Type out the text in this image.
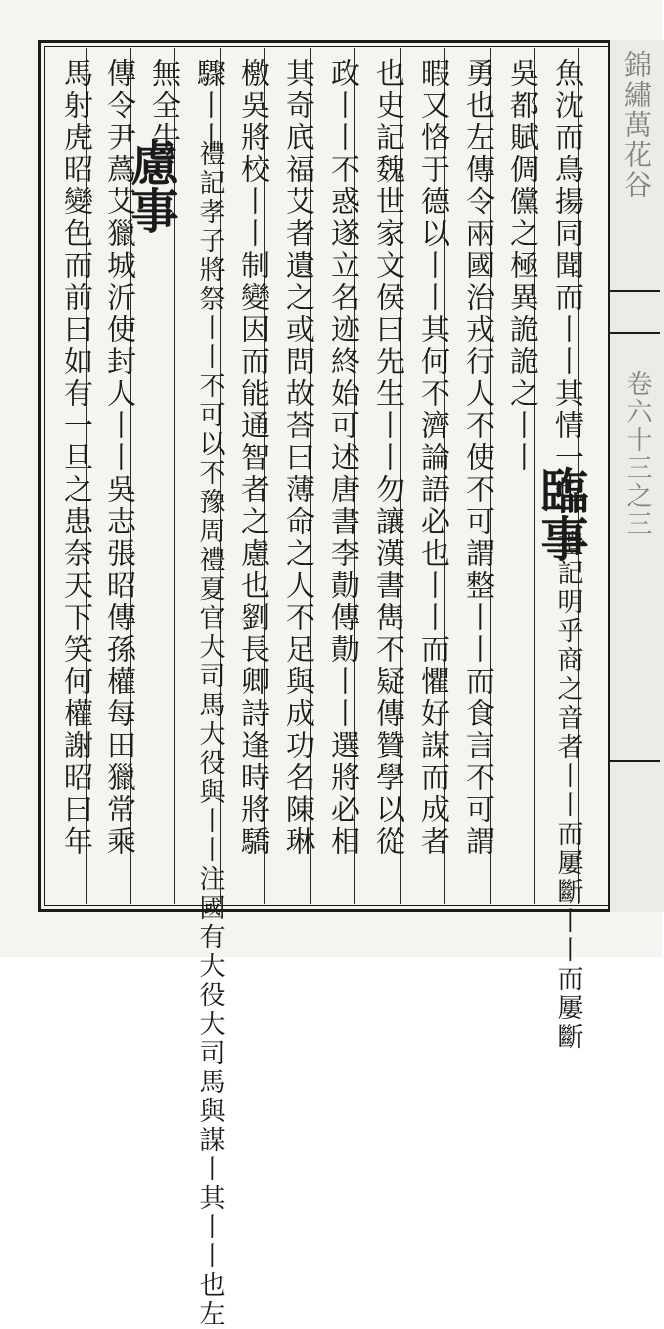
錦繡萬花谷
卷六十三之三
魚沈而鳥揚同聞而丨丨其情一也
禮記明乎商之音者丨丨而屢斷丨丨而屢斷
臨事
吳都賦倜儻之極異詭詭之丨丨
勇也左傳令兩國治戎行人不使不可謂整丨丨而食言不可謂
暇又恪于德以丨丨其何不濟論語必也丨丨而懼好謀而成者
也史記魏世家文侯曰先生丨丨勿讓漢書雋不疑傳贊學以從
政丨丨不惑遂立名迹終始可述唐書李勣傳勣丨丨選將必相
其奇㡳福艾者遺之或問故荅曰薄命之人不足與成功名陳琳
檄吳將校丨丨制變因而能通智者之慮也劉長卿詩逢時將驕
驟丨丨
禮記孝子將祭丨丨不可以不豫周禮夏官大司馬大役與丨丨注國有大役大司馬與謀丨其丨丨也左
無全牛
慮事
傳令尹蔿艾獵城沂使封人丨丨吳志張昭傳孫權每田獵常乘
馬射虎昭變色而前曰如有一旦之患奈天下笑何權謝昭曰年
